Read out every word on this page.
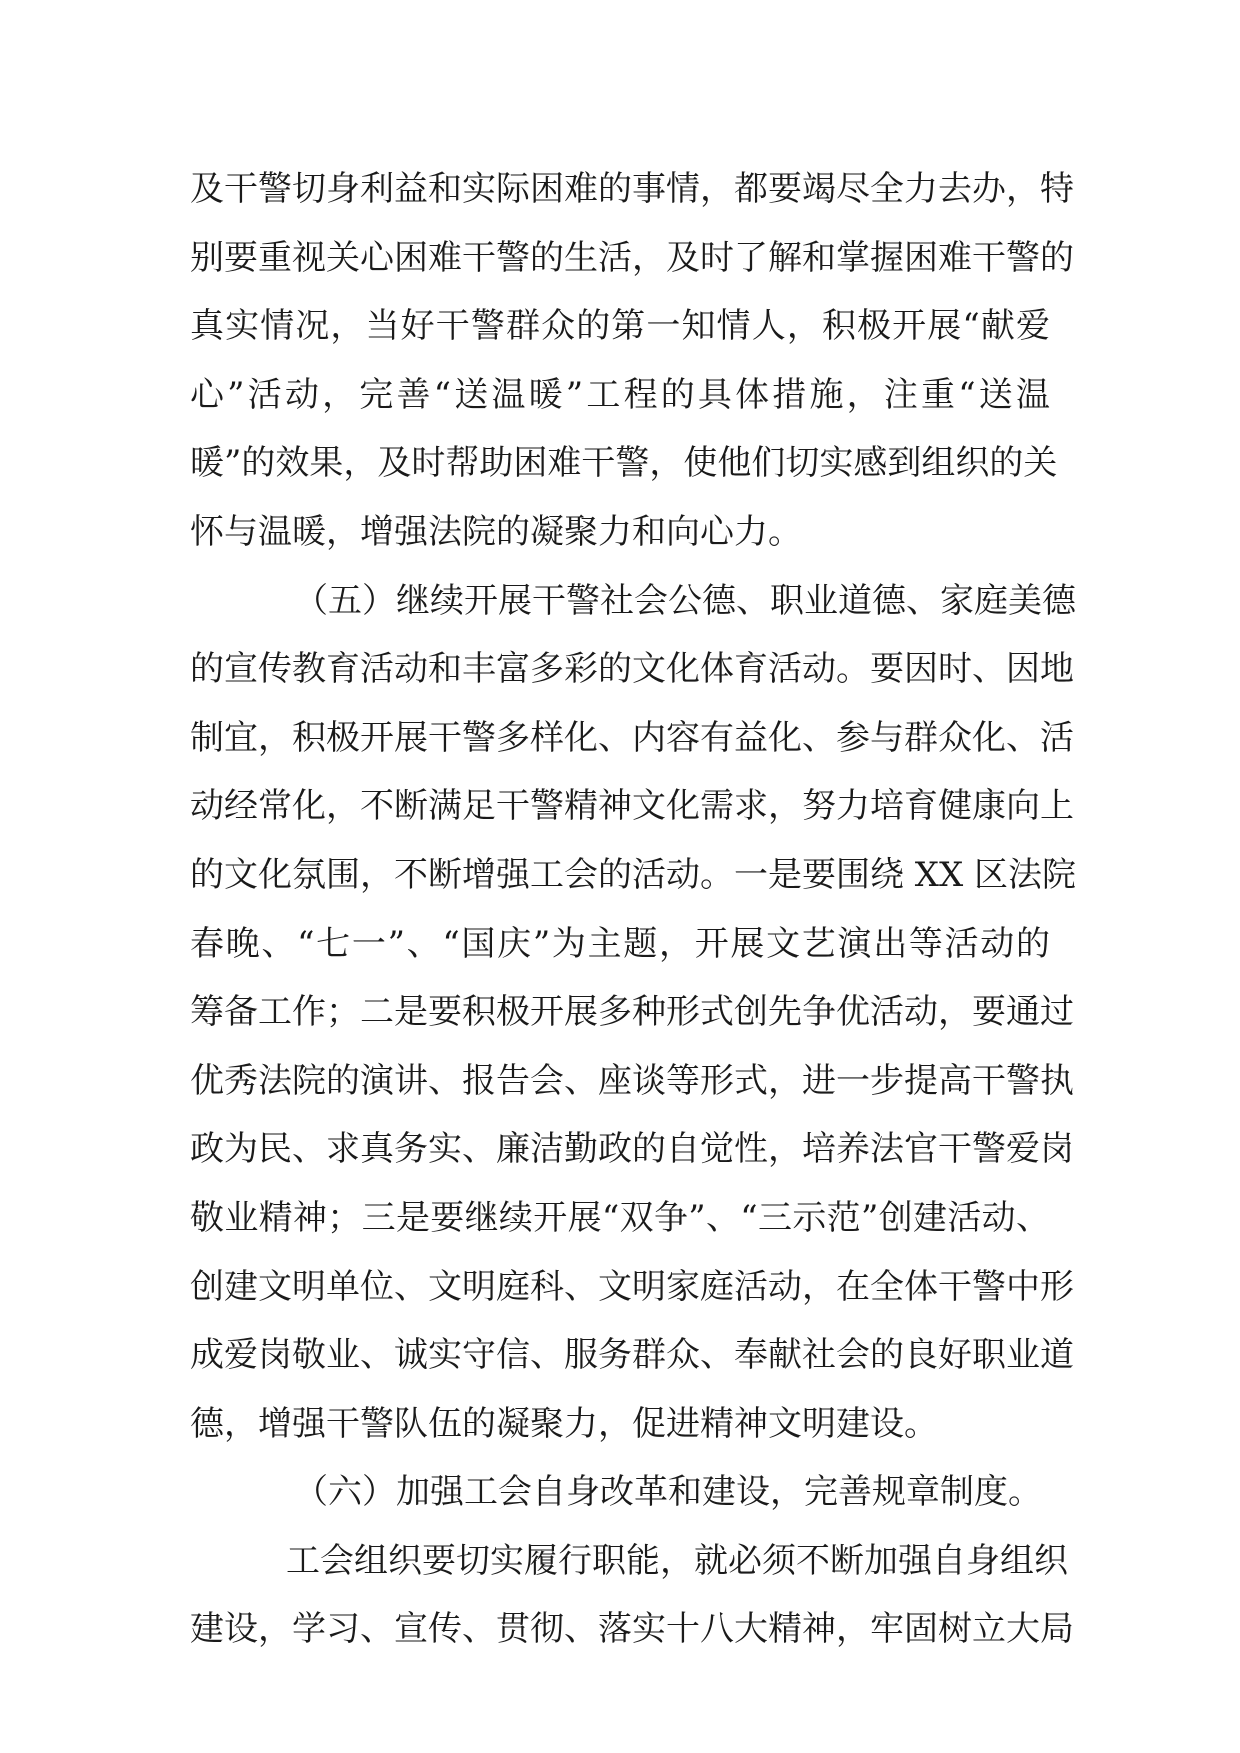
及干警切身利益和实际困难的事情，都要竭尽全力去办，特
别要重视关心困难干警的生活，及时了解和掌握困难干警的
真实情况，当好干警群众的第一知情人，积极开展“献爱
心”活动，完善“送温暖”工程的具体措施，注重“送温
暖”的效果，及时帮助困难干警，使他们切实感到组织的关
怀与温暖，增强法院的凝聚力和向心力。
（五）继续开展干警社会公德、职业道德、家庭美德
的宣传教育活动和丰富多彩的文化体育活动。要因时、因地
制宜，积极开展干警多样化、内容有益化、参与群众化、活
动经常化，不断满足干警精神文化需求，努力培育健康向上
的文化氛围，不断增强工会的活动。一是要围绕 XX 区法院
春晚、“七一”、“国庆”为主题，开展文艺演出等活动的
筹备工作；二是要积极开展多种形式创先争优活动，要通过
优秀法院的演讲、报告会、座谈等形式，进一步提高干警执
政为民、求真务实、廉洁勤政的自觉性，培养法官干警爱岗
敬业精神；三是要继续开展“双争”、“三示范”创建活动、
创建文明单位、文明庭科、文明家庭活动，在全体干警中形
成爱岗敬业、诚实守信、服务群众、奉献社会的良好职业道
德，增强干警队伍的凝聚力，促进精神文明建设。
（六）加强工会自身改革和建设，完善规章制度。
工会组织要切实履行职能，就必须不断加强自身组织
建设，学习、宣传、贯彻、落实十八大精神，牢固树立大局
